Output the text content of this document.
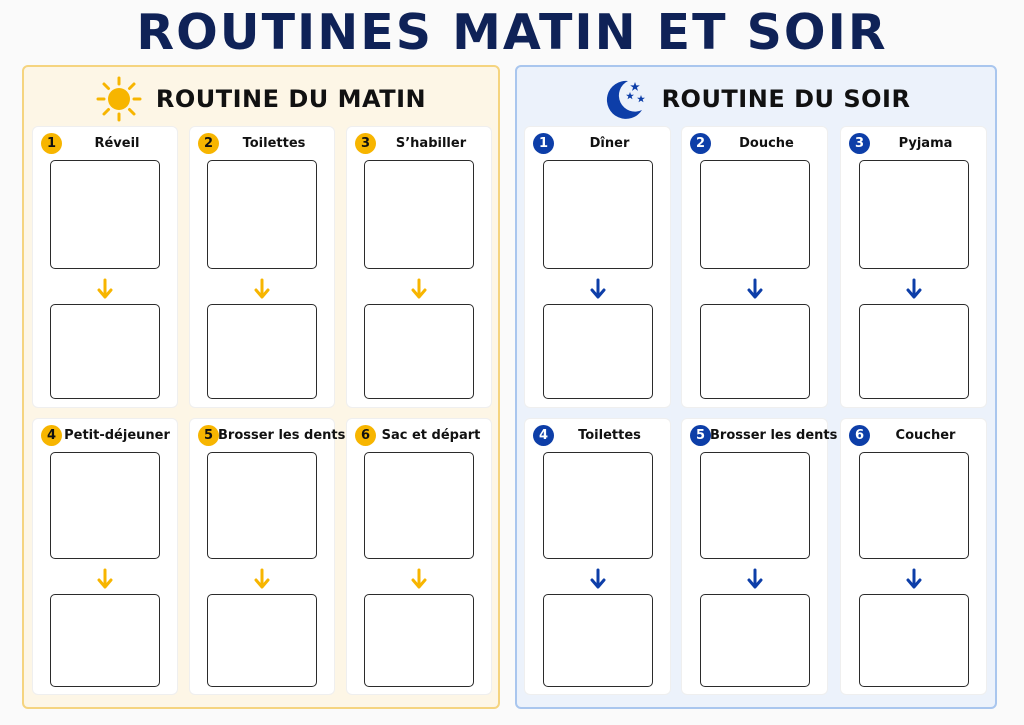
ROUTINES MATIN ET SOIR
ROUTINE DU MATIN	ROUTINE DU SOIR
1	Réveil	2	Toilettes	3	S’habiller
4 Petit-déjeuner	5 Brosser les dents	6 Sac et départ
1	Dîner	2	Douche	3	Pyjama
4	Toilettes	5 Brosser les dents	6	Coucher
